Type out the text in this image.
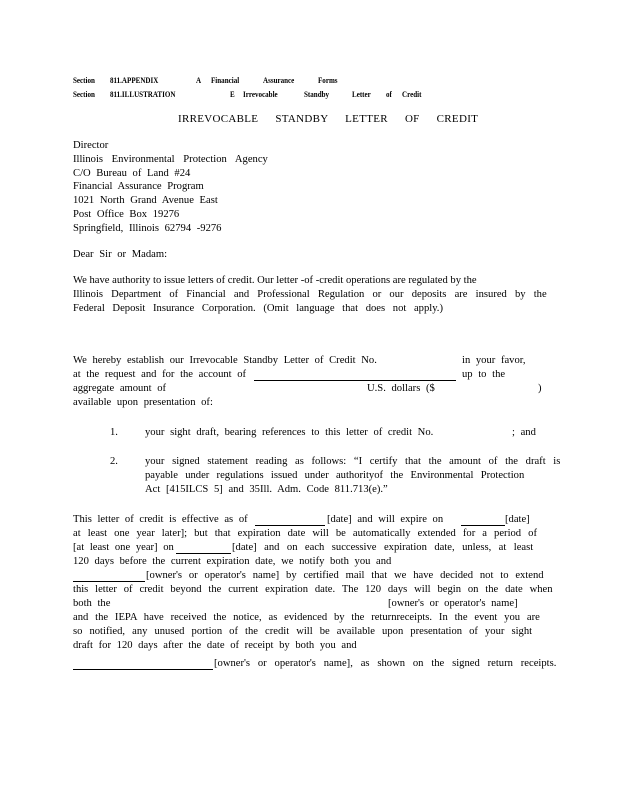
Section 811.APPENDIX	A Financial	Assurance	Forms
Section 811.ILLUSTRATION	E Irrevocable	Standby	Letter of Credit
IRREVOCABLE STANDBY LETTER OF CREDIT
Director
Illinois Environmental Protection Agency
C/O Bureau of Land #24
Financial Assurance Program
1021 North Grand Avenue East
Post Office Box 19276
Springfield, Illinois 62794 -9276
Dear Sir or Madam:
We have authority to issue letters of credit. Our letter -of -credit operations are regulated by the
Illinois Department of Financial and Professional Regulation or our deposits are insured by the
Federal Deposit Insurance Corporation. (Omit language that does not apply.)
We hereby establish our Irrevocable Standby Letter of Credit No.	in your favor,
at the request and for the account of	up to the
aggregate amount of	U.S. dollars ($	)
available upon presentation of:
1.	your sight draft, bearing references to this letter of credit No.	; and
2.	your signed statement reading as follows: “I certify that the amount of the draft is
payable under regulations issued under authorityof the Environmental Protection
Act [415ILCS 5] and 35Ill. Adm. Code 811.713(e).”
This letter of credit is effective as of	[date] and will expire on	[date]
at least one year later]; but that expiration date will be automatically extended for a period of
[at least one year] on	[date] and on each successive expiration date, unless, at least
120 days before the current expiration date, we notify both you and
[owner's or operator's name] by certified mail that we have decided not to extend
this letter of credit beyond the current expiration date. The 120 days will begin on the date when
both the	[owner's or operator's name]
and the IEPA have received the notice, as evidenced by the returnreceipts. In the event you are
so notified, any unused portion of the credit will be available upon presentation of your sight
draft for 120 days after the date of receipt by both you and
[owner's or operator's name], as shown on the signed return receipts.
